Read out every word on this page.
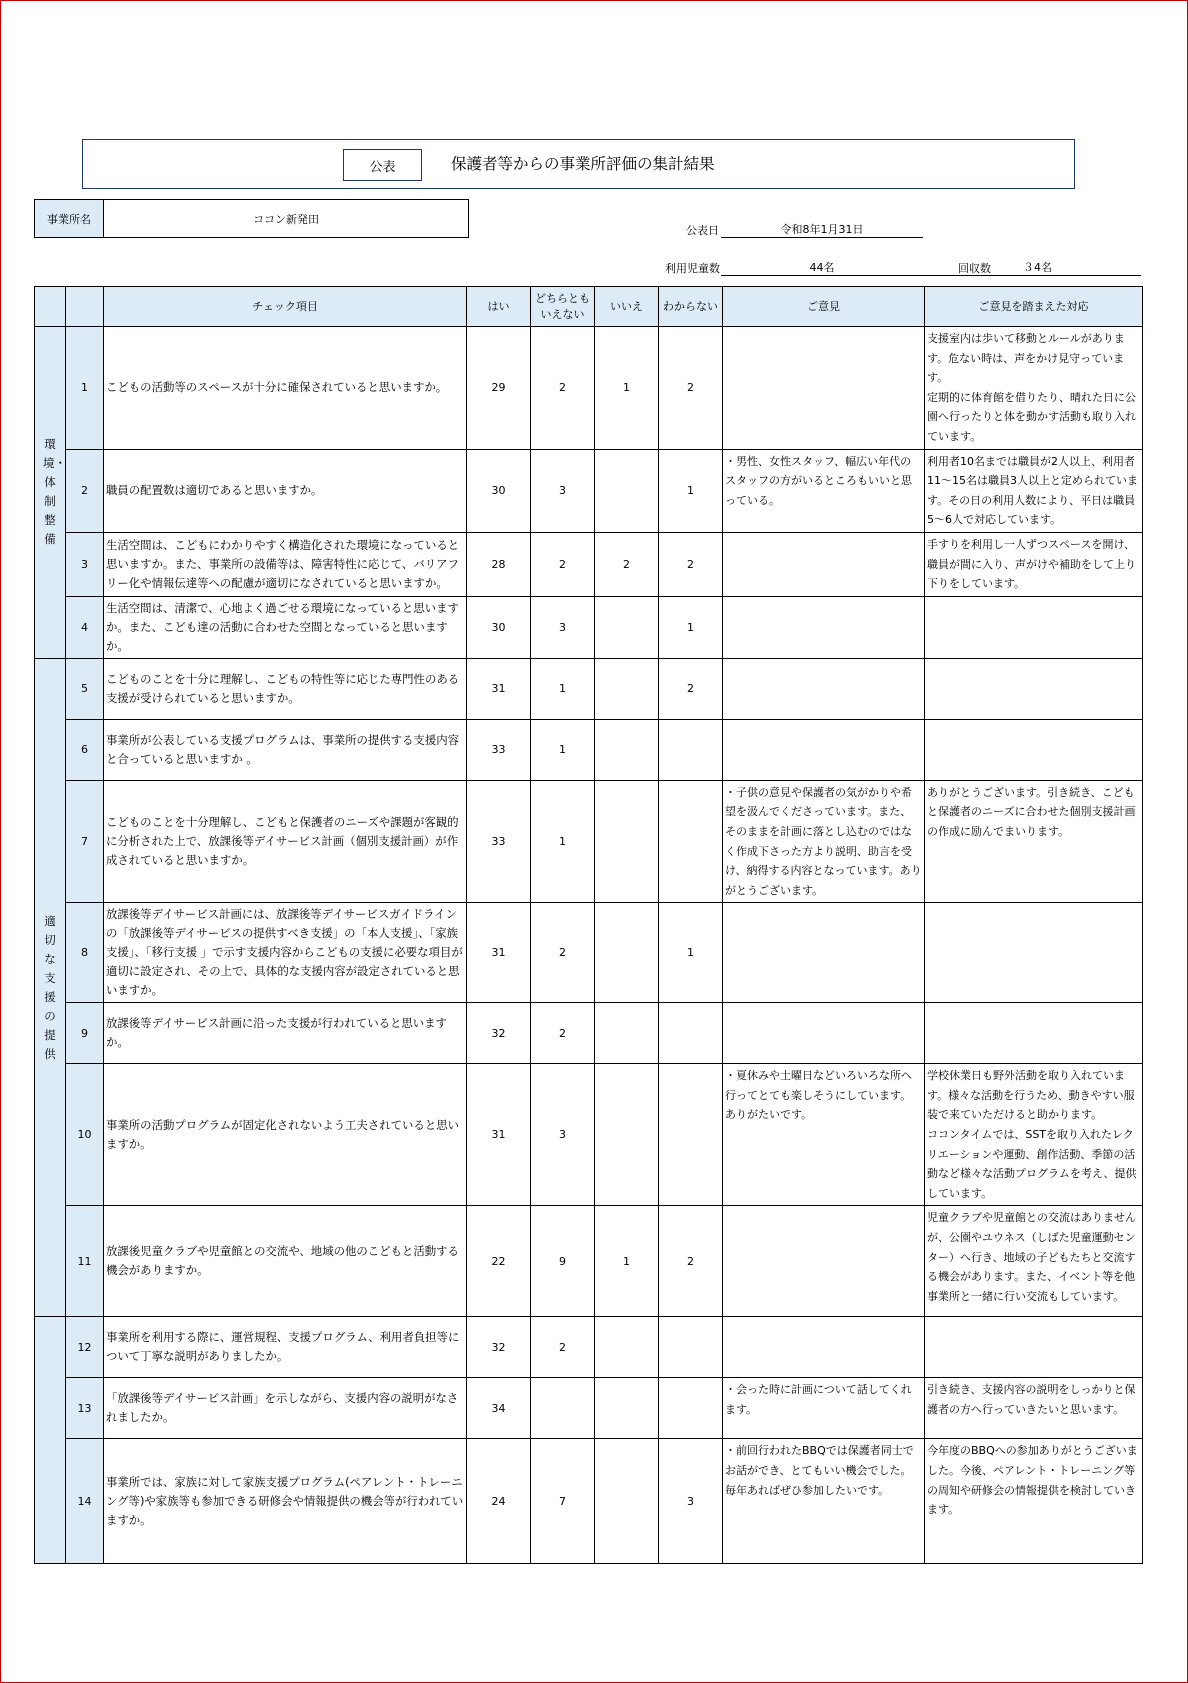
公表	保護者等からの事業所評価の集計結果
事業所名	ココン新発田
公表日	令和8年1月31日
利用児童数	44名	回収数	３4名
		チェック項目	はい	どちらとも
いえない	いいえ	わからない	ご意見	ご意見を踏まえた対応
環境・体制整備	1	こどもの活動等のスペースが十分に確保されていると思いますか。	29	2	1	2		支援室内は歩いて移動とルールがあります。危ない時は、声をかけ見守っています。
定期的に体育館を借りたり、晴れた日に公園へ行ったりと体を動かす活動も取り入れています。
	2	職員の配置数は適切であると思いますか。	30	3		1	・男性、女性スタッフ、幅広い年代のスタッフの方がいるところもいいと思っている。	利用者10名までは職員が2人以上、利用者11～15名は職員3人以上と定められています。その日の利用人数により、平日は職員5～6人で対応しています。
	3	生活空間は、こどもにわかりやすく構造化された環境になっていると思いますか。また、事業所の設備等は、障害特性に応じて、バリアフリー化や情報伝達等への配慮が適切になされていると思いますか。	28	2	2	2		手すりを利用し一人ずつスペースを開け、職員が間に入り、声がけや補助をして上り下りをしています。
	4	生活空間は、清潔で、心地よく過ごせる環境になっていると思いますか。また、こども達の活動に合わせた空間となっていると思いますか。	30	3		1		
適切な支援の提供	5	こどものことを十分に理解し、こどもの特性等に応じた専門性のある支援が受けられていると思いますか。	31	1		2		
	6	事業所が公表している支援プログラムは、事業所の提供する支援内容と合っていると思いますか 。	33	1				
	7	こどものことを十分理解し、こどもと保護者のニーズや課題が客観的に分析された上で、放課後等デイサービス計画（個別支援計画）が作成されていると思いますか。	33	1			・子供の意見や保護者の気がかりや希望を汲んでくださっています。また、そのままを計画に落とし込むのではなく作成下さった方より説明、助言を受け、納得する内容となっています。ありがとうございます。	ありがとうございます。引き続き、こどもと保護者のニーズに合わせた個別支援計画の作成に励んでまいります。
	8	放課後等デイサービス計画には、放課後等デイサービスガイドラインの「放課後等デイサービスの提供すべき支援」の「本人支援」、「家族支援」、「移行支援 」で示す支援内容からこどもの支援に必要な項目が適切に設定され、その上で、具体的な支援内容が設定されていると思いますか。	31	2		1		
	9	放課後等デイサービス計画に沿った支援が行われていると思いますか。	32	2				
	10	事業所の活動プログラムが固定化されないよう工夫されていると思いますか。	31	3			・夏休みや土曜日などいろいろな所へ行ってとても楽しそうにしています。ありがたいです。	学校休業日も野外活動を取り入れています。様々な活動を行うため、動きやすい服装で来ていただけると助かります。
ココンタイムでは、SSTを取り入れたレクリエーションや運動、創作活動、季節の活動など様々な活動プログラムを考え、提供しています。
	11	放課後児童クラブや児童館との交流や、地域の他のこどもと活動する機会がありますか。	22	9	1	2		児童クラブや児童館との交流はありませんが、公園やユウネス（しばた児童運動センター）へ行き、地域の子どもたちと交流する機会があります。また、イベント等を他事業所と一緒に行い交流もしています。
	12	事業所を利用する際に、運営規程、支援プログラム、利用者負担等について丁寧な説明がありましたか。	32	2				
	13	「放課後等デイサービス計画」を示しながら、支援内容の説明がなされましたか。	34				・会った時に計画について話してくれます。	引き続き、支援内容の説明をしっかりと保護者の方へ行っていきたいと思います。
	14	事業所では、家族に対して家族支援プログラム(ペアレント・トレーニング等)や家族等も参加できる研修会や情報提供の機会等が行われていますか。	24	7		3	・前回行われたBBQでは保護者同士でお話ができ、とてもいい機会でした。毎年あればぜひ参加したいです。	今年度のBBQへの参加ありがとうございました。今後、ペアレント・トレーニング等の周知や研修会の情報提供を検討していきます。
